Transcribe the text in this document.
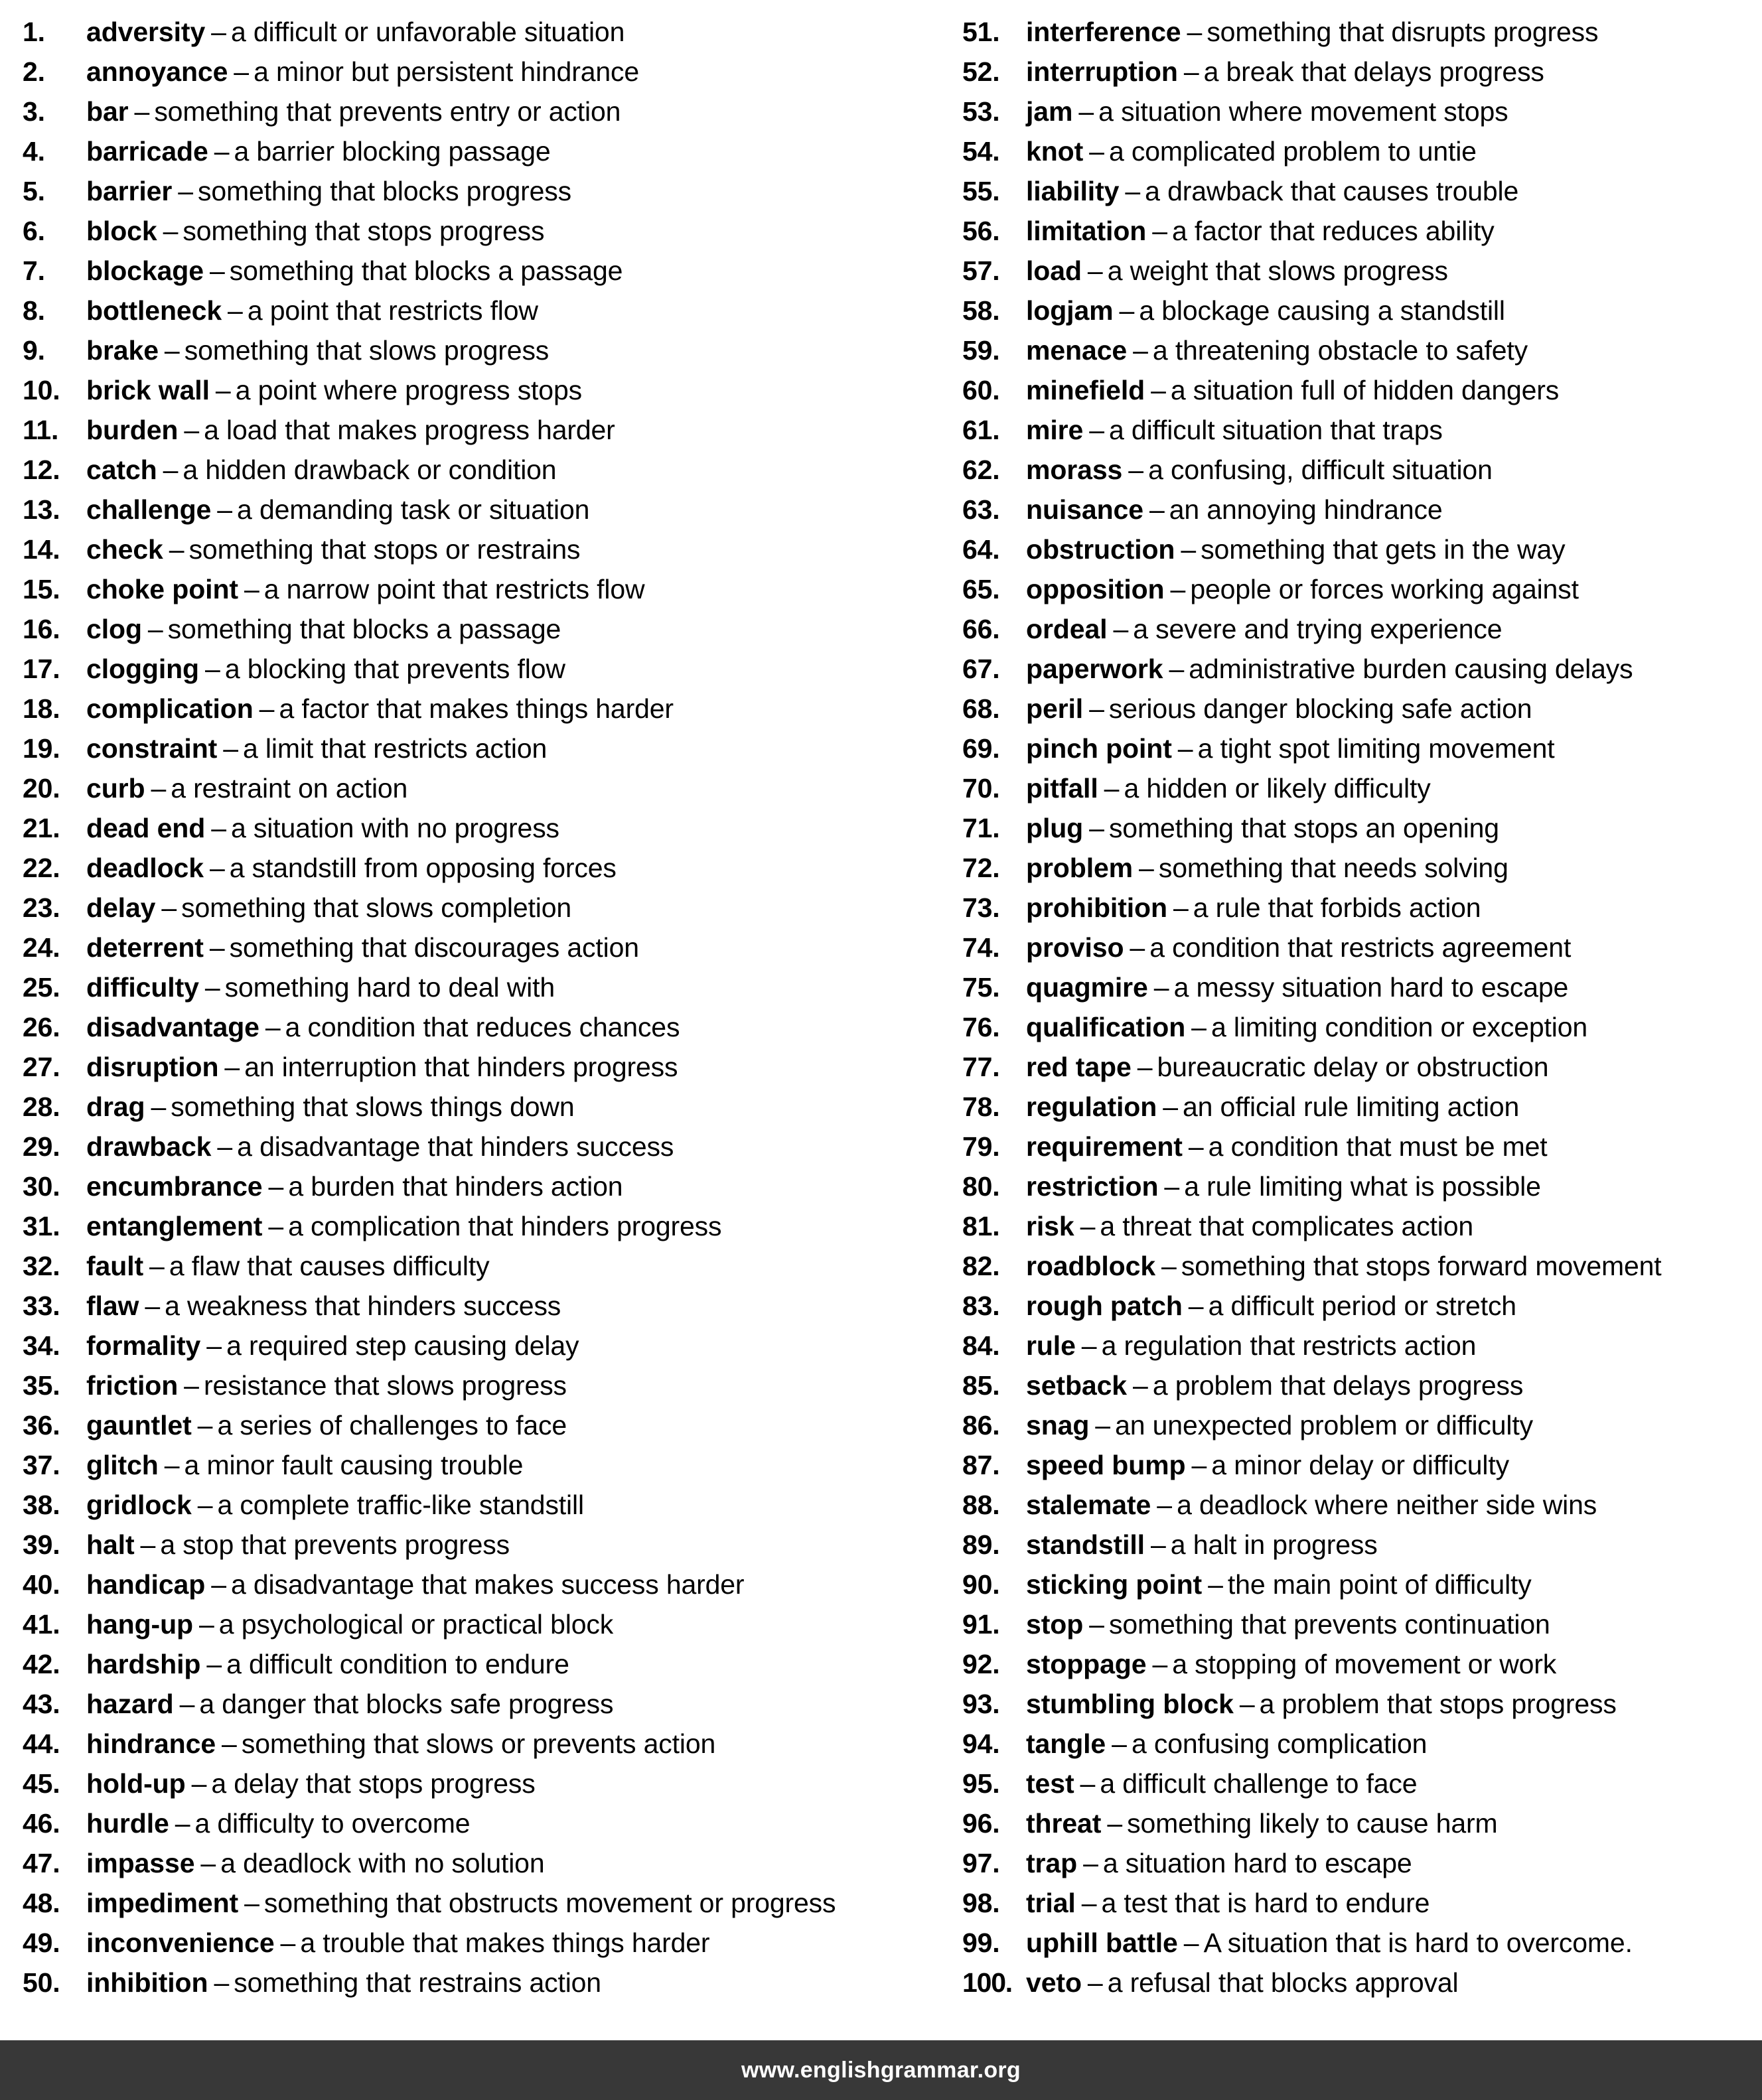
1.	adversity – a difficult or unfavorable situation
2.	annoyance – a minor but persistent hindrance
3.	bar – something that prevents entry or action
4.	barricade – a barrier blocking passage
5.	barrier – something that blocks progress
6.	block – something that stops progress
7.	blockage – something that blocks a passage
8.	bottleneck – a point that restricts flow
9.	brake – something that slows progress
10. brick wall – a point where progress stops
11.	burden – a load that makes progress harder
12. catch – a hidden drawback or condition
13. challenge – a demanding task or situation
14. check – something that stops or restrains
15. choke point – a narrow point that restricts flow
16. clog – something that blocks a passage
17. clogging – a blocking that prevents flow
18. complication – a factor that makes things harder
19. constraint – a limit that restricts action
20. curb – a restraint on action
21. dead end – a situation with no progress
22. deadlock – a standstill from opposing forces
23. delay – something that slows completion
24. deterrent – something that discourages action
25. difficulty – something hard to deal with
26. disadvantage – a condition that reduces chances
27. disruption – an interruption that hinders progress
28. drag – something that slows things down
29. drawback – a disadvantage that hinders success
30. encumbrance – a burden that hinders action
31. entanglement – a complication that hinders progress
32. fault – a flaw that causes difficulty
33. flaw – a weakness that hinders success
34. formality – a required step causing delay
35. friction – resistance that slows progress
36. gauntlet – a series of challenges to face
37. glitch – a minor fault causing trouble
38. gridlock – a complete traffic-like standstill
39. halt – a stop that prevents progress
40. handicap – a disadvantage that makes success harder
41. hang-up – a psychological or practical block
42. hardship – a difficult condition to endure
43. hazard – a danger that blocks safe progress
44. hindrance – something that slows or prevents action
45. hold-up – a delay that stops progress
46. hurdle – a difficulty to overcome
47. impasse – a deadlock with no solution
48. impediment – something that obstructs movement or progress
49. inconvenience – a trouble that makes things harder
50. inhibition – something that restrains action
51. interference – something that disrupts progress
52. interruption – a break that delays progress
53. jam – a situation where movement stops
54. knot – a complicated problem to untie
55. liability – a drawback that causes trouble
56. limitation – a factor that reduces ability
57. load – a weight that slows progress
58. logjam – a blockage causing a standstill
59. menace – a threatening obstacle to safety
60. minefield – a situation full of hidden dangers
61. mire – a difficult situation that traps
62. morass – a confusing, difficult situation
63. nuisance – an annoying hindrance
64. obstruction – something that gets in the way
65. opposition – people or forces working against
66. ordeal – a severe and trying experience
67. paperwork – administrative burden causing delays
68. peril – serious danger blocking safe action
69. pinch point – a tight spot limiting movement
70. pitfall – a hidden or likely difficulty
71. plug – something that stops an opening
72. problem – something that needs solving
73. prohibition – a rule that forbids action
74. proviso – a condition that restricts agreement
75. quagmire – a messy situation hard to escape
76. qualification – a limiting condition or exception
77. red tape – bureaucratic delay or obstruction
78. regulation – an official rule limiting action
79. requirement – a condition that must be met
80. restriction – a rule limiting what is possible
81. risk – a threat that complicates action
82. roadblock – something that stops forward movement
83. rough patch – a difficult period or stretch
84. rule – a regulation that restricts action
85. setback – a problem that delays progress
86. snag – an unexpected problem or difficulty
87. speed bump – a minor delay or difficulty
88. stalemate – a deadlock where neither side wins
89. standstill – a halt in progress
90. sticking point – the main point of difficulty
91. stop – something that prevents continuation
92. stoppage – a stopping of movement or work
93. stumbling block – a problem that stops progress
94. tangle – a confusing complication
95. test – a difficult challenge to face
96. threat – something likely to cause harm
97. trap – a situation hard to escape
98. trial – a test that is hard to endure
99. uphill battle – A situation that is hard to overcome.
100. veto – a refusal that blocks approval
www.englishgrammar.org
